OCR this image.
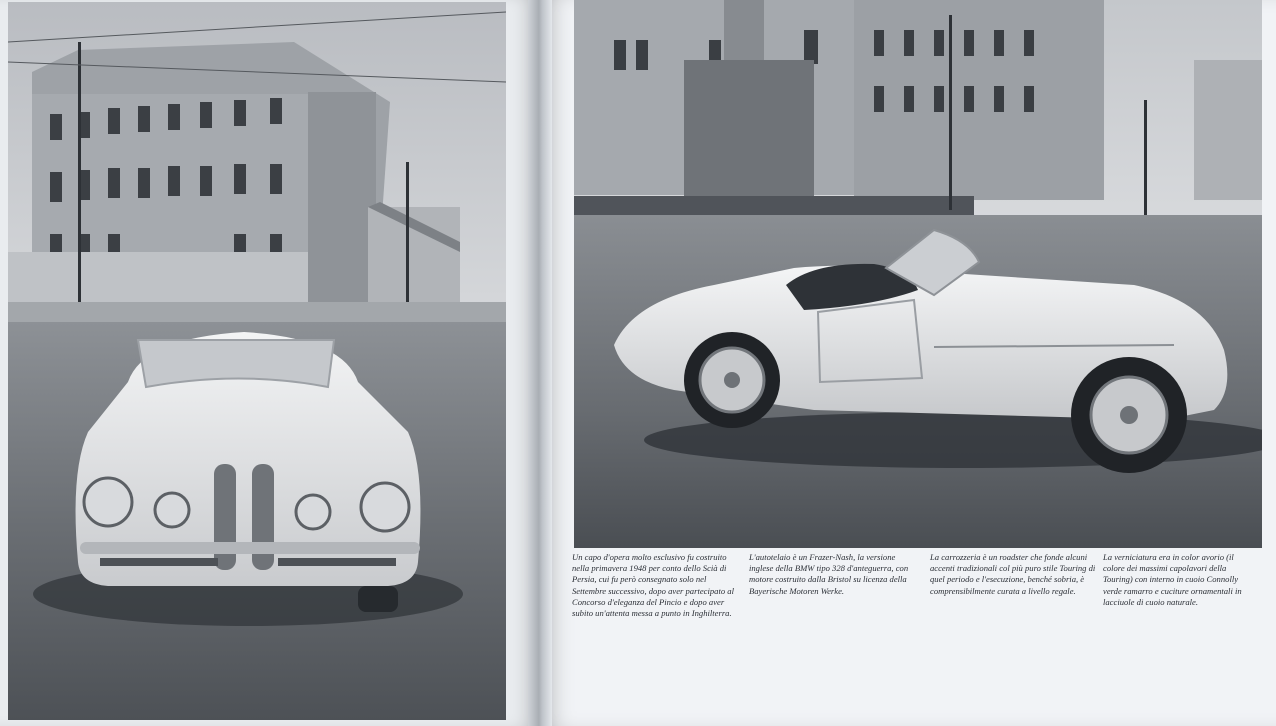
Un capo d'opera molto esclusivo fu costruito nella primavera 1948 per conto dello Scià di Persia, cui fu però consegnato solo nel Settembre successivo, dopo aver partecipato al Concorso d'eleganza del Pincio e dopo aver subito un'attenta messa a punto in Inghilterra.
L'autotelaio è un Frazer-Nash, la versione inglese della BMW tipo 328 d'anteguerra, con motore costruito dalla Bristol su licenza della Bayerische Motoren Werke.
La carrozzeria è un roadster che fonde alcuni accenti tradizionali col più puro stile Touring di quel periodo e l'esecuzione, benché sobria, è comprensibilmente curata a livello regale.
La verniciatura era in color avorio (il colore dei massimi capolavori della Touring) con interno in cuoio Connolly verde ramarro e cuciture ornamentali in lacciuole di cuoio naturale.
